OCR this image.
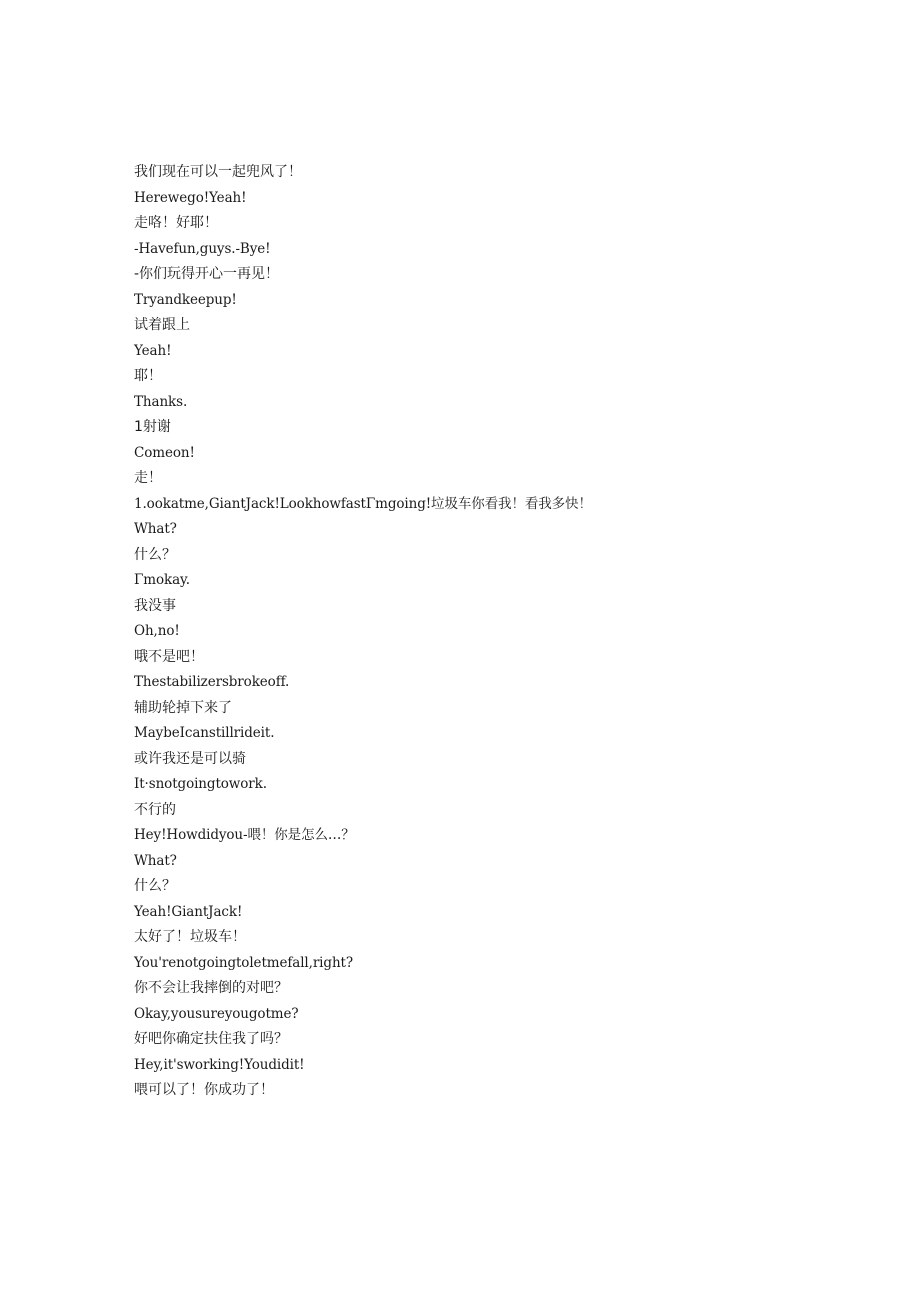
我们现在可以一起兜风了！
Herewego!Yeah!
走咯！好耶！
-Havefun,guys.-Bye!
-你们玩得开心一再见！
Tryandkeepup!
试着跟上
Yeah!
耶！
Thanks.
1射谢
Comeon!
走！
1.ookatme,GiantJack!LookhowfastΓmgoing!垃圾车你看我！看我多快！
What?
什么？
Γmokay.
我没事
Oh,no!
哦不是吧！
Thestabilizersbrokeoff.
辅助轮掉下来了
MaybeIcanstillrideit.
或许我还是可以骑
It·snotgoingtowork.
不行的
Hey!Howdidyou-喂！你是怎么…？
What?
什么？
Yeah!GiantJack!
太好了！垃圾车！
You'renotgoingtoletmefall,right?
你不会让我摔倒的对吧？
Okay,yousureyougotme?
好吧你确定扶住我了吗？
Hey,it'sworking!Youdidit!
喂可以了！你成功了！
